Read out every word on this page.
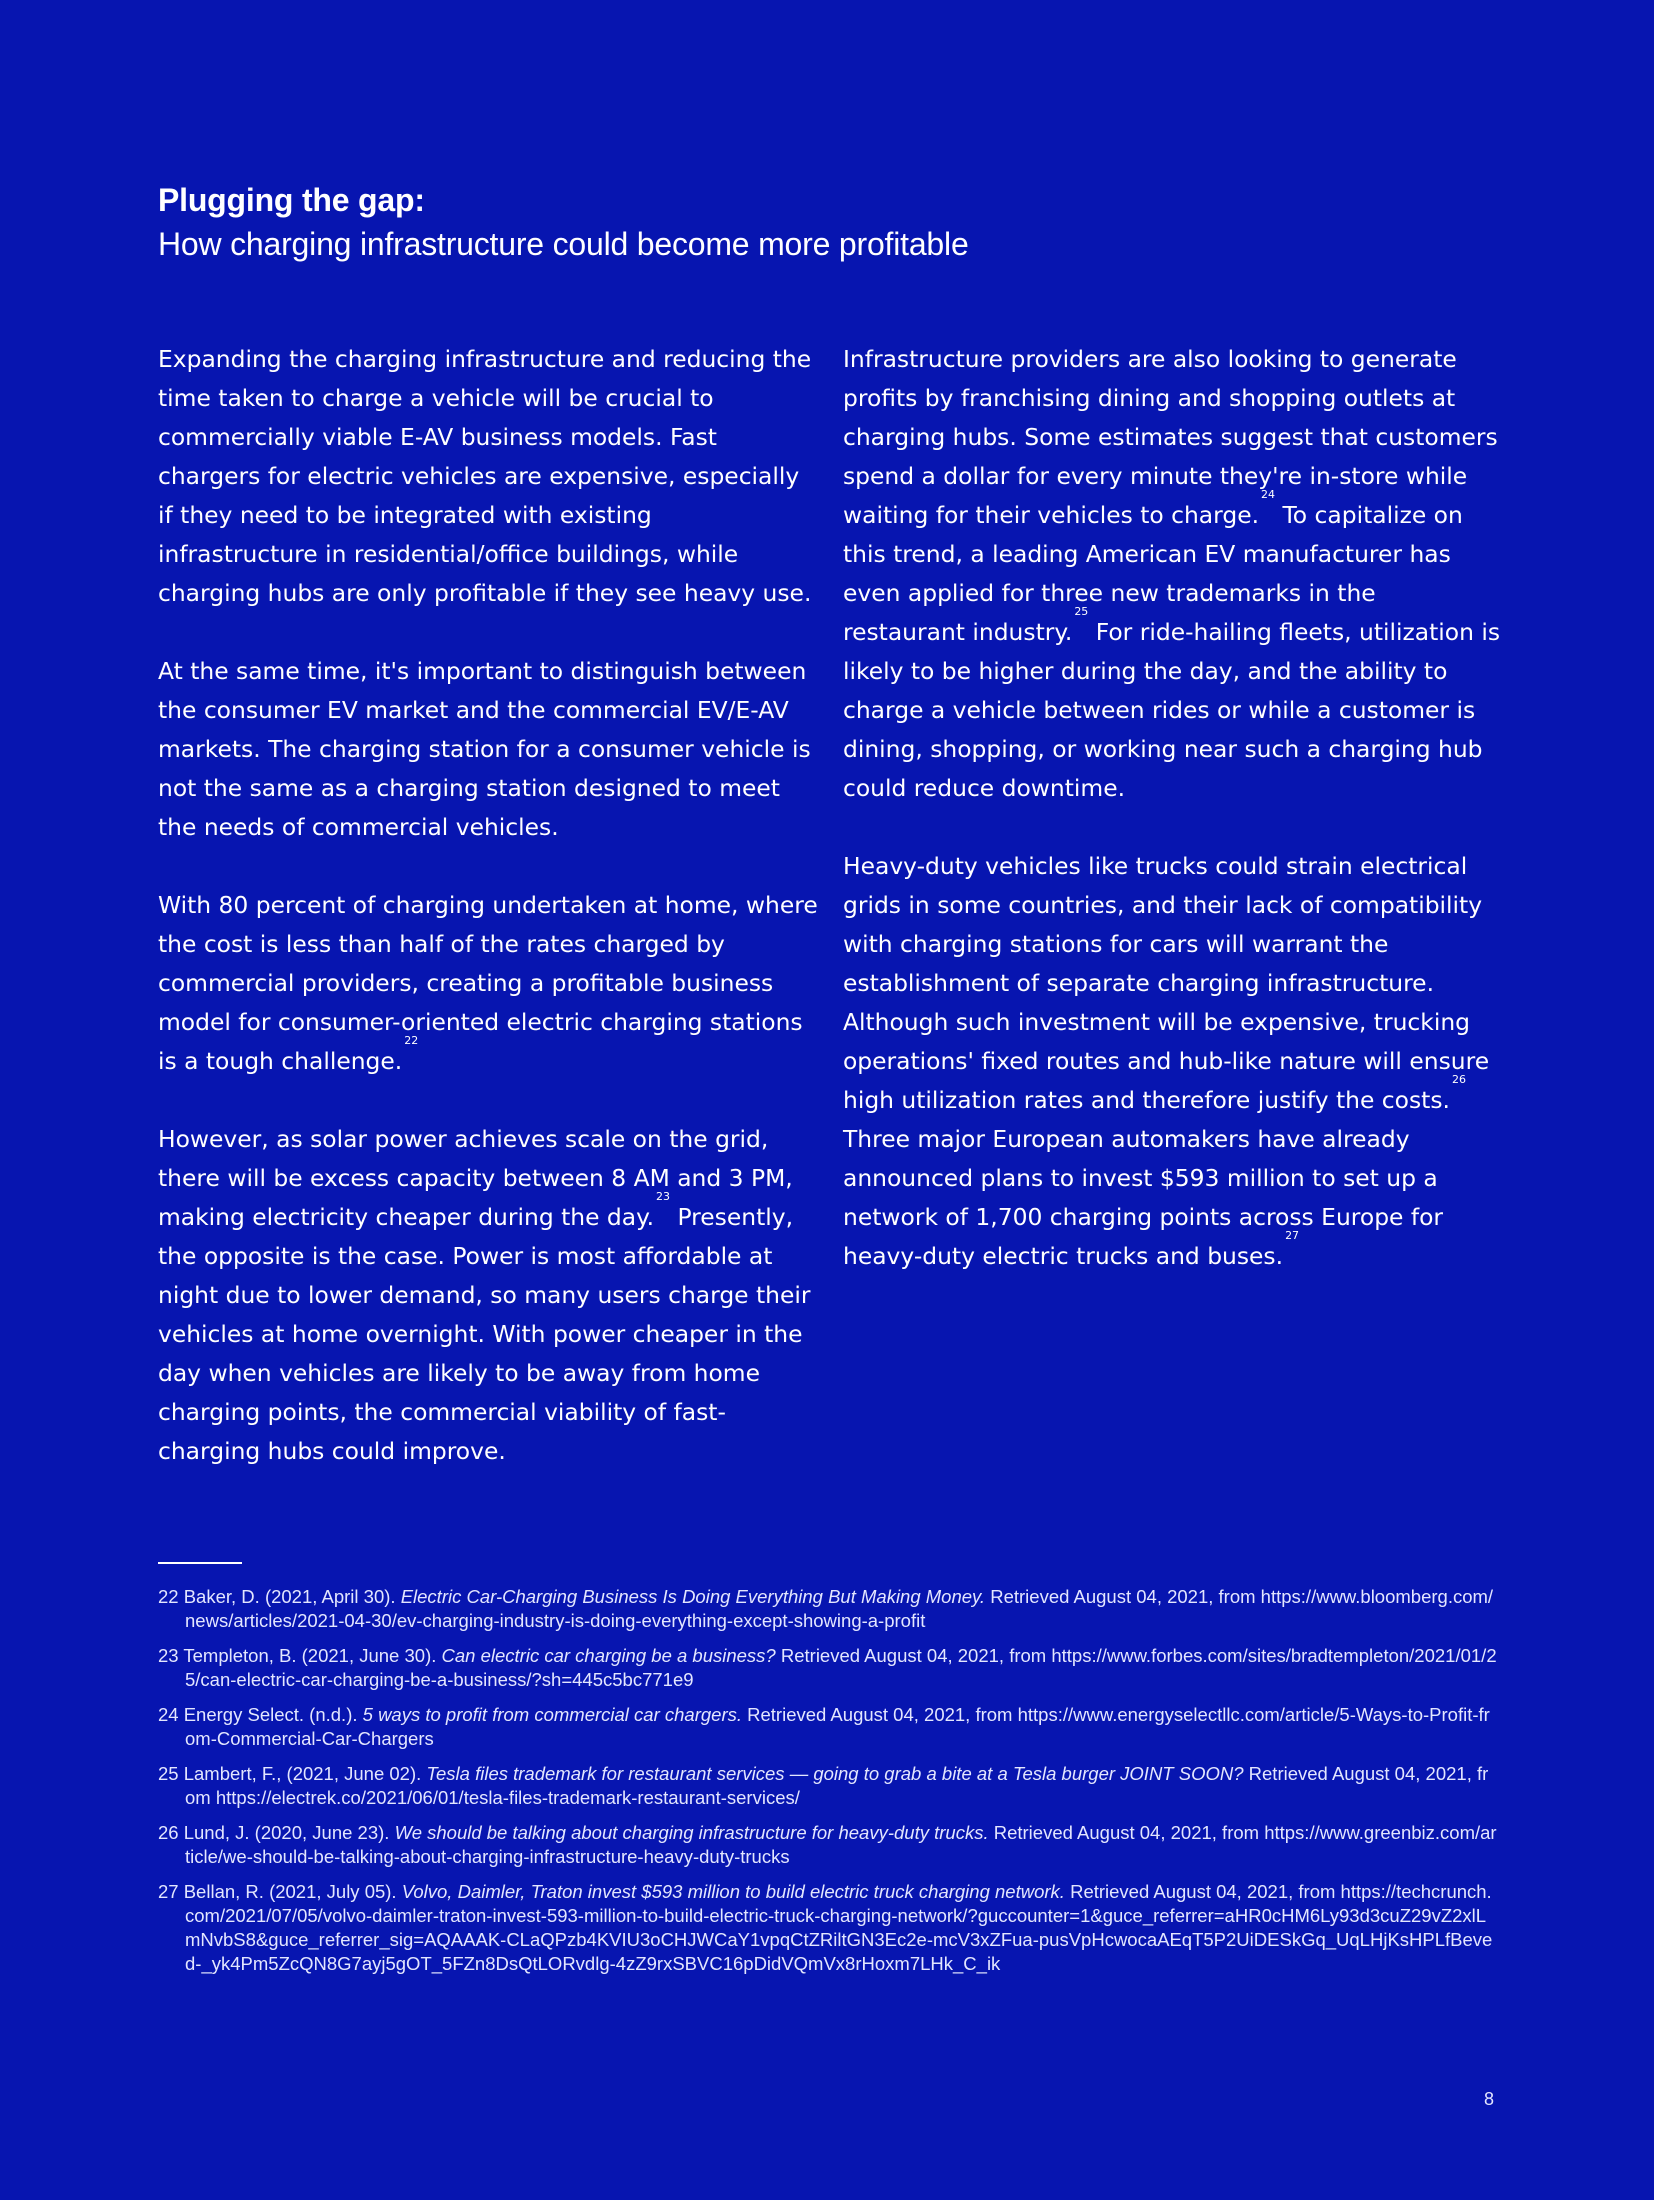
Plugging the gap:
How charging infrastructure could become more profitable

Expanding the charging infrastructure and reducing the time taken to charge a vehicle will be crucial to commercially viable E-AV business models. Fast chargers for electric vehicles are expensive, especially if they need to be integrated with existing infrastructure in residential/office buildings, while charging hubs are only profitable if they see heavy use.

At the same time, it's important to distinguish between the consumer EV market and the commercial EV/E-AV markets. The charging station for a consumer vehicle is not the same as a charging station designed to meet the needs of commercial vehicles.

With 80 percent of charging undertaken at home, where the cost is less than half of the rates charged by commercial providers, creating a profitable business model for consumer-oriented electric charging stations is a tough challenge.$^{22}$

However, as solar power achieves scale on the grid, there will be excess capacity between 8 AM and 3 PM, making electricity cheaper during the day.$^{23}$ Presently, the opposite is the case. Power is most affordable at night due to lower demand, so many users charge their vehicles at home overnight. With power cheaper in the day when vehicles are likely to be away from home charging points, the commercial viability of fast-charging hubs could improve.

Infrastructure providers are also looking to generate profits by franchising dining and shopping outlets at charging hubs. Some estimates suggest that customers spend a dollar for every minute they're in-store while waiting for their vehicles to charge.$^{24}$ To capitalize on this trend, a leading American EV manufacturer has even applied for three new trademarks in the restaurant industry.$^{25}$ For ride-hailing fleets, utilization is likely to be higher during the day, and the ability to charge a vehicle between rides or while a customer is dining, shopping, or working near such a charging hub could reduce downtime.

Heavy-duty vehicles like trucks could strain electrical grids in some countries, and their lack of compatibility with charging stations for cars will warrant the establishment of separate charging infrastructure. Although such investment will be expensive, trucking operations' fixed routes and hub-like nature will ensure high utilization rates and therefore justify the costs.$^{26}$ Three major European automakers have already announced plans to invest $593 million to set up a network of 1,700 charging points across Europe for heavy-duty electric trucks and buses.$^{27}$

22 Baker, D. (2021, April 30). Electric Car-Charging Business Is Doing Everything But Making Money. Retrieved August 04, 2021, from https://www.bloomberg.com/news/articles/2021-04-30/ev-charging-industry-is-doing-everything-except-showing-a-profit

23 Templeton, B. (2021, June 30). Can electric car charging be a business? Retrieved August 04, 2021, from https://www.forbes.com/sites/bradtempleton/2021/01/25/can-electric-car-charging-be-a-business/?sh=445c5bc771e9

24 Energy Select. (n.d.). 5 ways to profit from commercial car chargers. Retrieved August 04, 2021, from https://www.energyselectllc.com/article/5-Ways-to-Profit-from-Commercial-Car-Chargers

25 Lambert, F., (2021, June 02). Tesla files trademark for restaurant services — going to grab a bite at a Tesla burger JOINT SOON? Retrieved August 04, 2021, from https://electrek.co/2021/06/01/tesla-files-trademark-restaurant-services/

26 Lund, J. (2020, June 23). We should be talking about charging infrastructure for heavy-duty trucks. Retrieved August 04, 2021, from https://www.greenbiz.com/article/we-should-be-talking-about-charging-infrastructure-heavy-duty-trucks

27 Bellan, R. (2021, July 05). Volvo, Daimler, Traton invest $593 million to build electric truck charging network. Retrieved August 04, 2021, from https://techcrunch.com/2021/07/05/volvo-daimler-traton-invest-593-million-to-build-electric-truck-charging-network/?guccounter=1&guce_referrer=aHR0cHM6Ly93d3cuZ29vZ2xlLmNvbS8&guce_referrer_sig=AQAAAK-CLaQPzb4KVIU3oCHJWCaY1vpqCtZRiltGN3Ec2e-mcV3xZFua-pusVpHcwocaAEqT5P2UiDESkGq_UqLHjKsHPLfBeved-_yk4Pm5ZcQN8G7ayj5gOT_5FZn8DsQtLORvdlg-4zZ9rxSBVC16pDidVQmVx8rHoxm7LHk_C_ik

8
